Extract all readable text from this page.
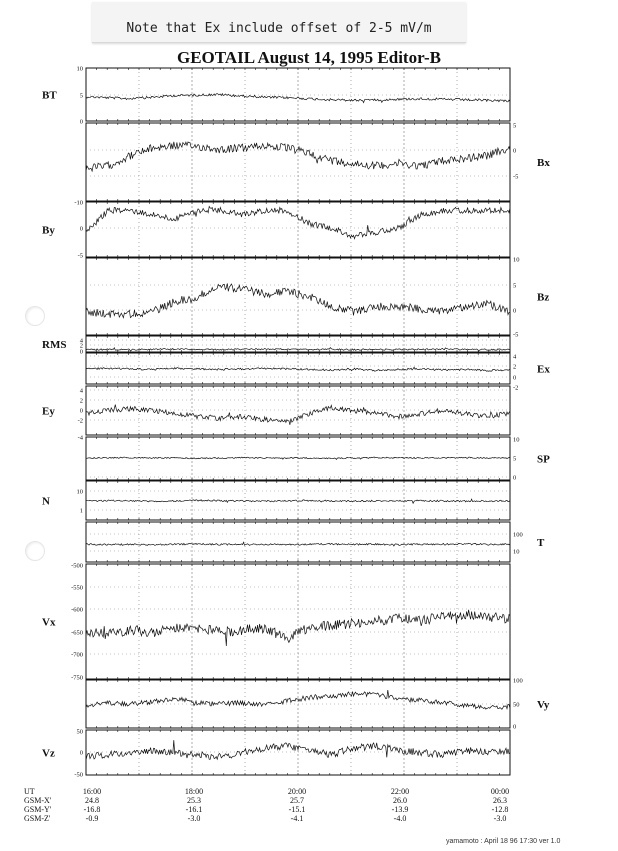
Note that Ex include offset of 2-5 mV/m
GEOTAIL August 14, 1995 Editor-B
10
5
0
BT
5
0
-5
Bx
-10
0
-5
By
10
5
0
-5
Bz
4
2
0
RMS
4
2
0
-2
Ex
4
2
0
-2
-4
Ey
10
5
0
SP
10
1
N
100
10
T
-500
-550
-600
-650
-700
-750
Vx
100
50
0
Vy
50
0
-50
Vz
UT	16:00	18:00	20:00	22:00	00:00
GSM-X'	24.8	25.3	25.7	26.0	26.3
GSM-Y'	-16.8	-16.1	-15.1	-13.9	-12.8
GSM-Z'	-0.9	-3.0	-4.1	-4.0	-3.0
yamamoto : April 18 96 17:30 ver 1.0
